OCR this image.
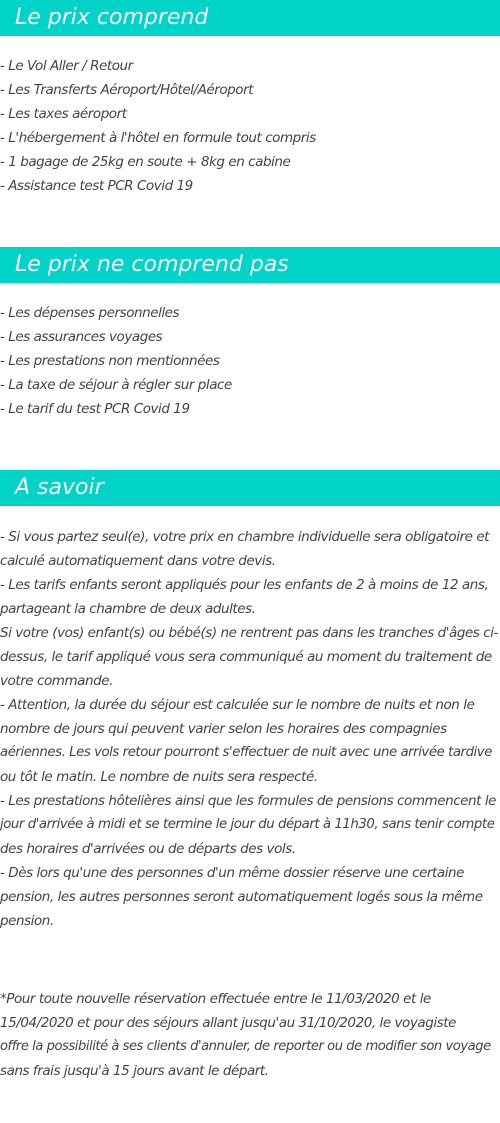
Le prix comprend
- Le Vol Aller / Retour
- Les Transferts Aéroport/Hôtel/Aéroport
- Les taxes aéroport
- L'hébergement à l'hôtel en formule tout compris
- 1 bagage de 25kg en soute + 8kg en cabine
- Assistance test PCR Covid 19
Le prix ne comprend pas
- Les dépenses personnelles
- Les assurances voyages
- Les prestations non mentionnées
- La taxe de séjour à régler sur place
- Le tarif du test PCR Covid 19
A savoir
- Si vous partez seul(e), votre prix en chambre individuelle sera obligatoire et
calculé automatiquement dans votre devis.
- Les tarifs enfants seront appliqués pour les enfants de 2 à moins de 12 ans,
partageant la chambre de deux adultes.
Si votre (vos) enfant(s) ou bébé(s) ne rentrent pas dans les tranches d'âges ci-
dessus, le tarif appliqué vous sera communiqué au moment du traitement de
votre commande.
- Attention, la durée du séjour est calculée sur le nombre de nuits et non le
nombre de jours qui peuvent varier selon les horaires des compagnies
aériennes. Les vols retour pourront s'effectuer de nuit avec une arrivée tardive
ou tôt le matin. Le nombre de nuits sera respecté.
- Les prestations hôtelières ainsi que les formules de pensions commencent le
jour d'arrivée à midi et se termine le jour du départ à 11h30, sans tenir compte
des horaires d'arrivées ou de départs des vols.
- Dès lors qu'une des personnes d'un même dossier réserve une certaine
pension, les autres personnes seront automatiquement logés sous la même
pension.
*Pour toute nouvelle réservation effectuée entre le 11/03/2020 et le
15/04/2020 et pour des séjours allant jusqu'au 31/10/2020, le voyagiste
offre la possibilité à ses clients d'annuler, de reporter ou de modifier son voyage
sans frais jusqu'à 15 jours avant le départ.
